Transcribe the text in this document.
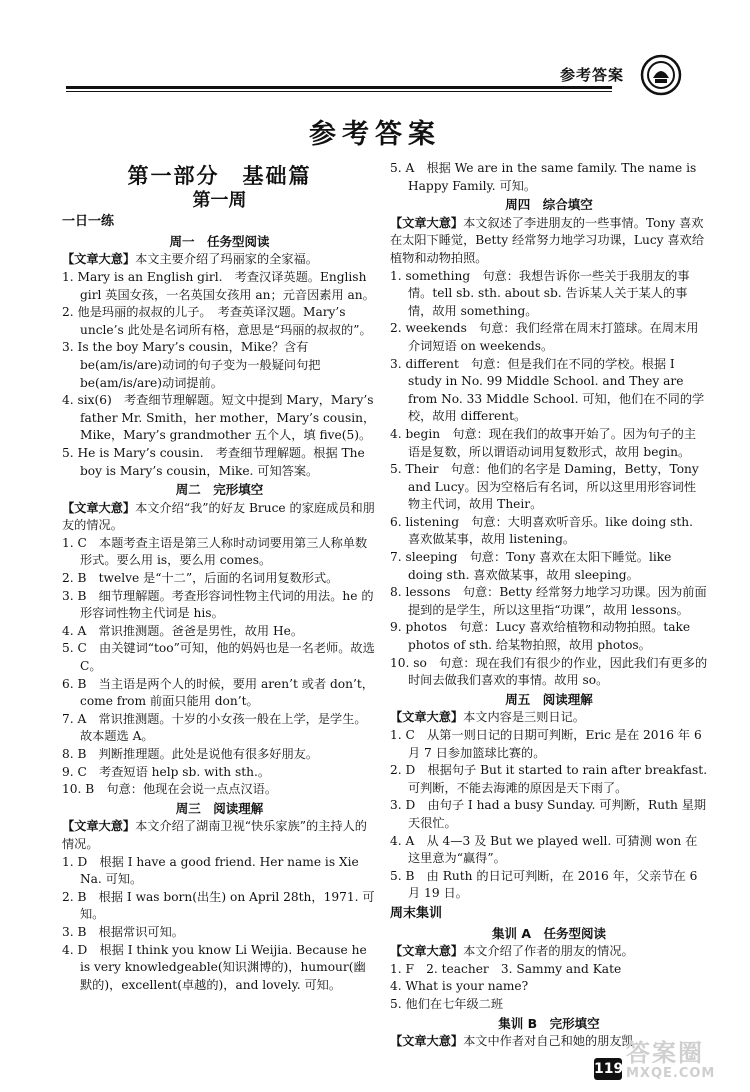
参考答案
参考答案
第一部分　基础篇
第一周
一日一练
周一　任务型阅读

【文章大意】本文主要介绍了玛丽家的全家福。

1. Mary is an English girl.　考查汉译英题。English girl 英国女孩，一名英国女孩用 an；元音因素用 an。

2. 他是玛丽的叔叔的儿子。　考查英译汉题。Mary’s uncle’s 此处是名词所有格，意思是“玛丽的叔叔的”。

3. Is the boy Mary’s cousin，Mike？含有 be(am/is/are)动词的句子变为一般疑问句把 be(am/is/are)动词提前。

4. six(6)　考查细节理解题。短文中提到 Mary，Mary’s father Mr. Smith，her mother，Mary’s cousin，Mike，Mary’s grandmother 五个人，填 five(5)。

5. He is Mary’s cousin.　考查细节理解题。根据 The boy is Mary’s cousin，Mike. 可知答案。

周二　完形填空

【文章大意】本文介绍“我”的好友 Bruce 的家庭成员和朋友的情况。

1. C　本题考查主语是第三人称时动词要用第三人称单数形式。要么用 is，要么用 comes。

2. B　twelve 是“十二”，后面的名词用复数形式。

3. B　细节理解题。考查形容词性物主代词的用法。he 的形容词性物主代词是 his。

4. A　常识推测题。爸爸是男性，故用 He。

5. C　由关键词“too”可知，他的妈妈也是一名老师。故选 C。

6. B　当主语是两个人的时候，要用 aren’t 或者 don’t，come from 前面只能用 don’t。

7. A　常识推测题。十岁的小女孩一般在上学，是学生。故本题选 A。

8. B　判断推理题。此处是说他有很多好朋友。

9. C　考查短语 help sb. with sth.。

10. B　句意：他现在会说一点点汉语。

周三　阅读理解

【文章大意】本文介绍了湖南卫视“快乐家族”的主持人的情况。

1. D　根据 I have a good friend. Her name is Xie Na. 可知。

2. B　根据 I was born(出生) on April 28th，1971. 可知。

3. B　根据常识可知。

4. D　根据 I think you know Li Weijia. Because he is very knowledgeable(知识渊博的)，humour(幽默的)，excellent(卓越的)，and lovely. 可知。

5. A　根据 We are in the same family. The name is Happy Family. 可知。

周四　综合填空

【文章大意】本文叙述了李进朋友的一些事情。Tony 喜欢在太阳下睡觉，Betty 经常努力地学习功课，Lucy 喜欢给植物和动物拍照。

1. something　句意：我想告诉你一些关于我朋友的事情。tell sb. sth. about sb. 告诉某人关于某人的事情，故用 something。

2. weekends　句意：我们经常在周末打篮球。在周末用介词短语 on weekends。

3. different　句意：但是我们在不同的学校。根据 I study in No. 99 Middle School. and They are from No. 33 Middle School. 可知，他们在不同的学校，故用 different。

4. begin　句意：现在我们的故事开始了。因为句子的主语是复数，所以谓语动词用复数形式，故用 begin。

5. Their　句意：他们的名字是 Daming，Betty，Tony and Lucy。因为空格后有名词，所以这里用形容词性物主代词，故用 Their。

6. listening　句意：大明喜欢听音乐。like doing sth. 喜欢做某事，故用 listening。

7. sleeping　句意：Tony 喜欢在太阳下睡觉。like doing sth. 喜欢做某事，故用 sleeping。

8. lessons　句意：Betty 经常努力地学习功课。因为前面提到的是学生，所以这里指“功课”，故用 lessons。

9. photos　句意：Lucy 喜欢给植物和动物拍照。take photos of sth. 给某物拍照，故用 photos。

10. so　句意：现在我们有很少的作业，因此我们有更多的时间去做我们喜欢的事情。故用 so。

周五　阅读理解

【文章大意】本文内容是三则日记。

1. C　从第一则日记的日期可判断，Eric 是在 2016 年 6 月 7 日参加篮球比赛的。

2. D　根据句子 But it started to rain after breakfast. 可判断，不能去海滩的原因是天下雨了。

3. D　由句子 I had a busy Sunday. 可判断，Ruth 星期天很忙。

4. A　从 4—3 及 But we played well. 可猜测 won 在这里意为“赢得”。

5. B　由 Ruth 的日记可判断，在 2016 年，父亲节在 6 月 19 日。

周末集训
集训 A　任务型阅读

【文章大意】本文介绍了作者的朋友的情况。

1. F　2. teacher　3. Sammy and Kate

4. What is your name?

5. 他们在七年级二班

集训 B　完形填空

【文章大意】本文中作者对自己和她的朋友凯

119
答案圈
MXQE.COM
